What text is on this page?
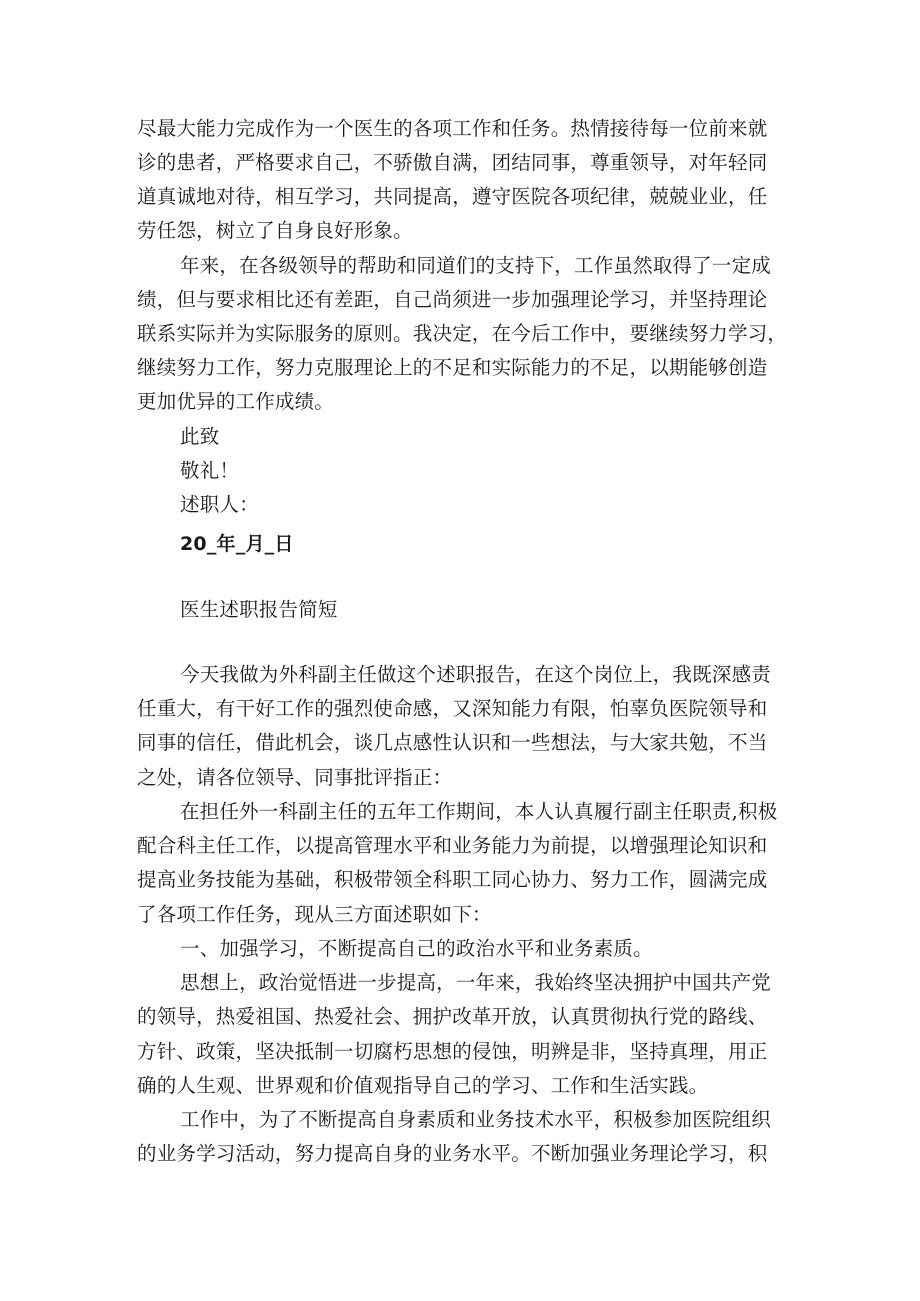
尽最大能力完成作为一个医生的各项工作和任务。热情接待每一位前来就
诊的患者，严格要求自己，不骄傲自满，团结同事，尊重领导，对年轻同
道真诚地对待，相互学习，共同提高，遵守医院各项纪律，兢兢业业，任
劳任怨，树立了自身良好形象。
年来，在各级领导的帮助和同道们的支持下，工作虽然取得了一定成
绩，但与要求相比还有差距，自己尚须进一步加强理论学习，并坚持理论
联系实际并为实际服务的原则。我决定，在今后工作中，要继续努力学习，
继续努力工作，努力克服理论上的不足和实际能力的不足，以期能够创造
更加优异的工作成绩。
此致
敬礼！
述职人：
20_年_月_日
医生述职报告简短
今天我做为外科副主任做这个述职报告，在这个岗位上，我既深感责
任重大，有干好工作的强烈使命感，又深知能力有限，怕辜负医院领导和
同事的信任，借此机会，谈几点感性认识和一些想法，与大家共勉，不当
之处，请各位领导、同事批评指正：
在担任外一科副主任的五年工作期间，本人认真履行副主任职责,积极
配合科主任工作，以提高管理水平和业务能力为前提，以增强理论知识和
提高业务技能为基础，积极带领全科职工同心协力、努力工作，圆满完成
了各项工作任务，现从三方面述职如下：
一、加强学习，不断提高自己的政治水平和业务素质。
思想上，政治觉悟进一步提高，一年来，我始终坚决拥护中国共产党
的领导，热爱祖国、热爱社会、拥护改革开放，认真贯彻执行党的路线、
方针、政策，坚决抵制一切腐朽思想的侵蚀，明辨是非，坚持真理，用正
确的人生观、世界观和价值观指导自己的学习、工作和生活实践。
工作中，为了不断提高自身素质和业务技术水平，积极参加医院组织
的业务学习活动，努力提高自身的业务水平。不断加强业务理论学习，积
